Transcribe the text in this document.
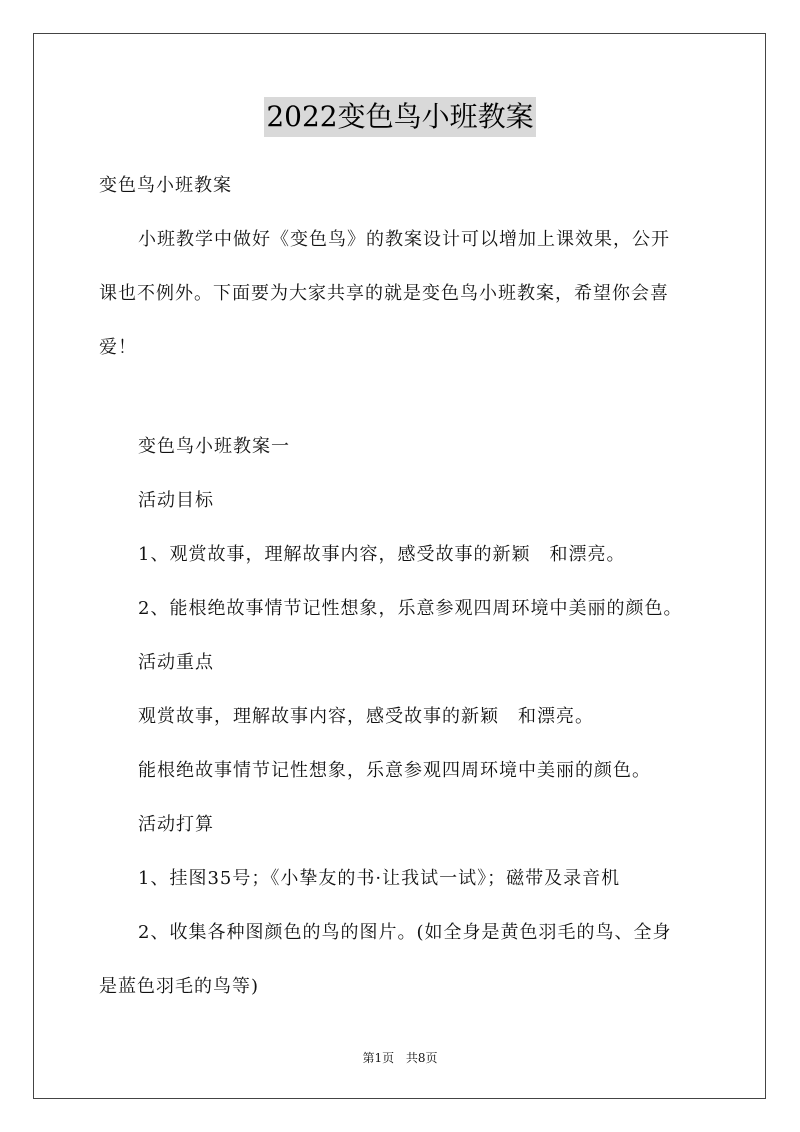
2022变色鸟小班教案
变色鸟小班教案
小班教学中做好《变色鸟》的教案设计可以增加上课效果，公开
课也不例外。下面要为大家共享的就是变色鸟小班教案，希望你会喜
爱！
变色鸟小班教案一
活动目标
1、观赏故事，理解故事内容，感受故事的新颖　和漂亮。
2、能根绝故事情节记性想象，乐意参观四周环境中美丽的颜色。
活动重点
观赏故事，理解故事内容，感受故事的新颖　和漂亮。
能根绝故事情节记性想象，乐意参观四周环境中美丽的颜色。
活动打算
1、挂图35号；《小挚友的书·让我试一试》；磁带及录音机
2、收集各种图颜色的鸟的图片。(如全身是黄色羽毛的鸟、全身
是蓝色羽毛的鸟等)
第1页 共8页
